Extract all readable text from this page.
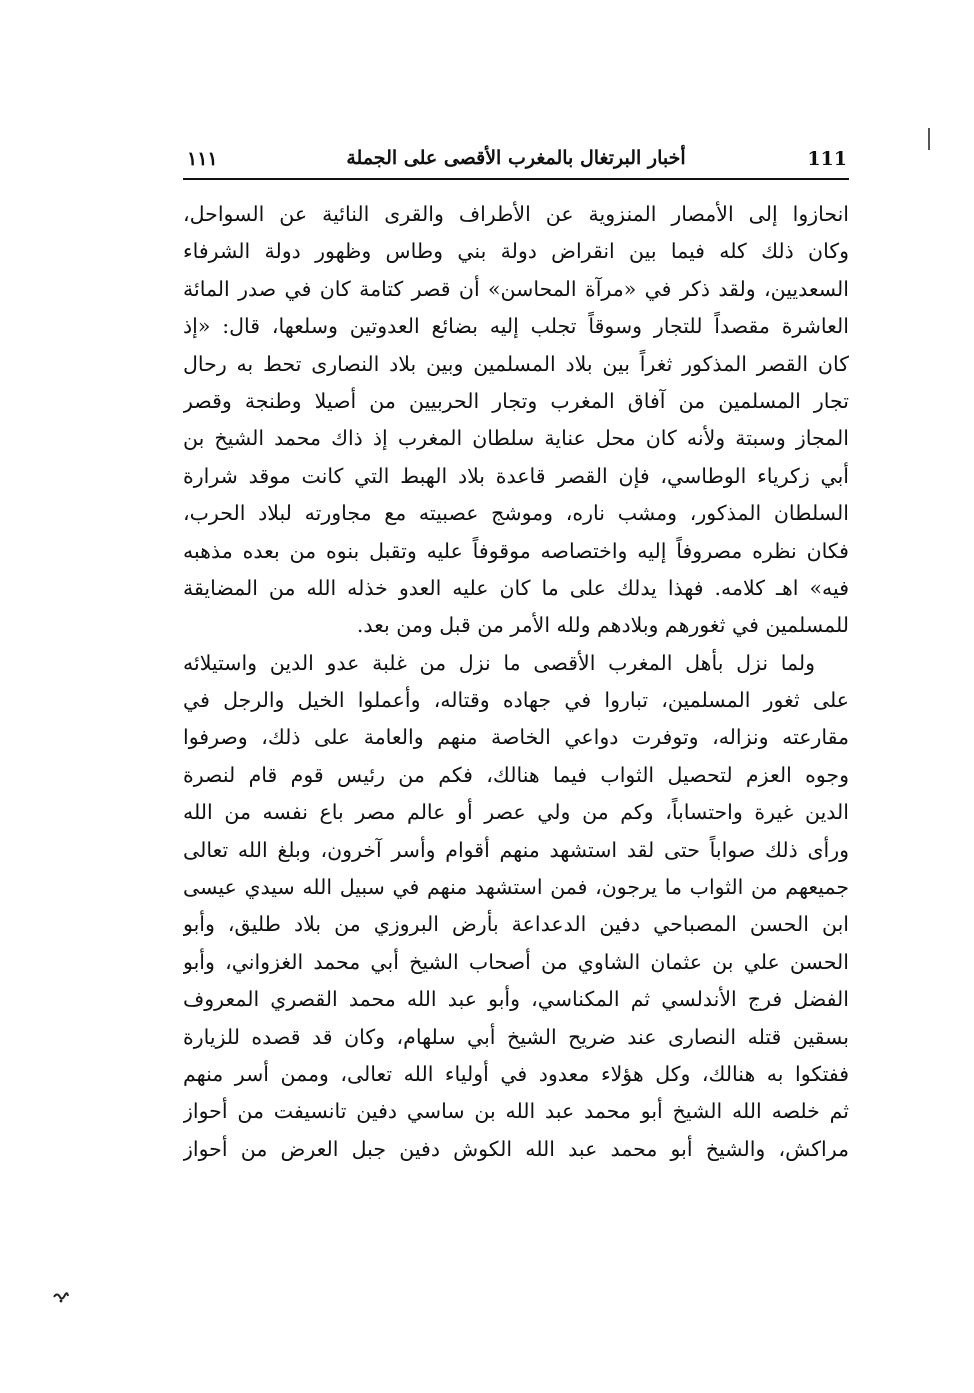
١١١	أخبار البرتغال بالمغرب الأقصى على الجملة	111
انحازوا إلى الأمصار المنزوية عن الأطراف والقرى النائية عن السواحل،
وكان ذلك كله فيما بين انقراض دولة بني وطاس وظهور دولة الشرفاء
السعديين، ولقد ذكر في «مرآة المحاسن» أن قصر كتامة كان في صدر المائة
العاشرة مقصداً للتجار وسوقاً تجلب إليه بضائع العدوتين وسلعها، قال: «إذ
كان القصر المذكور ثغراً بين بلاد المسلمين وبين بلاد النصارى تحط به رحال
تجار المسلمين من آفاق المغرب وتجار الحربيين من أصيلا وطنجة وقصر
المجاز وسبتة ولأنه كان محل عناية سلطان المغرب إذ ذاك محمد الشيخ بن
أبي زكرياء الوطاسي، فإن القصر قاعدة بلاد الهبط التي كانت موقد شرارة
السلطان المذكور، ومشب ناره، وموشج عصبيته مع مجاورته لبلاد الحرب،
فكان نظره مصروفاً إليه واختصاصه موقوفاً عليه وتقبل بنوه من بعده مذهبه
فيه» اهـ كلامه. فهذا يدلك على ما كان عليه العدو خذله الله من المضايقة
للمسلمين في ثغورهم وبلادهم ولله الأمر من قبل ومن بعد.
ولما نزل بأهل المغرب الأقصى ما نزل من غلبة عدو الدين واستيلائه
على ثغور المسلمين، تباروا في جهاده وقتاله، وأعملوا الخيل والرجل في
مقارعته ونزاله، وتوفرت دواعي الخاصة منهم والعامة على ذلك، وصرفوا
وجوه العزم لتحصيل الثواب فيما هنالك، فكم من رئيس قوم قام لنصرة
الدين غيرة واحتساباً، وكم من ولي عصر أو عالم مصر باع نفسه من الله
ورأى ذلك صواباً حتى لقد استشهد منهم أقوام وأسر آخرون، وبلغ الله تعالى
جميعهم من الثواب ما يرجون، فمن استشهد منهم في سبيل الله سيدي عيسى
ابن الحسن المصباحي دفين الدعداعة بأرض البروزي من بلاد طليق، وأبو
الحسن علي بن عثمان الشاوي من أصحاب الشيخ أبي محمد الغزواني، وأبو
الفضل فرج الأندلسي ثم المكناسي، وأبو عبد الله محمد القصري المعروف
بسقين قتله النصارى عند ضريح الشيخ أبي سلهام، وكان قد قصده للزيارة
ففتكوا به هنالك، وكل هؤلاء معدود في أولياء الله تعالى، وممن أسر منهم
ثم خلصه الله الشيخ أبو محمد عبد الله بن ساسي دفين تانسيفت من أحواز
مراكش، والشيخ أبو محمد عبد الله الكوش دفين جبل العرض من أحواز
